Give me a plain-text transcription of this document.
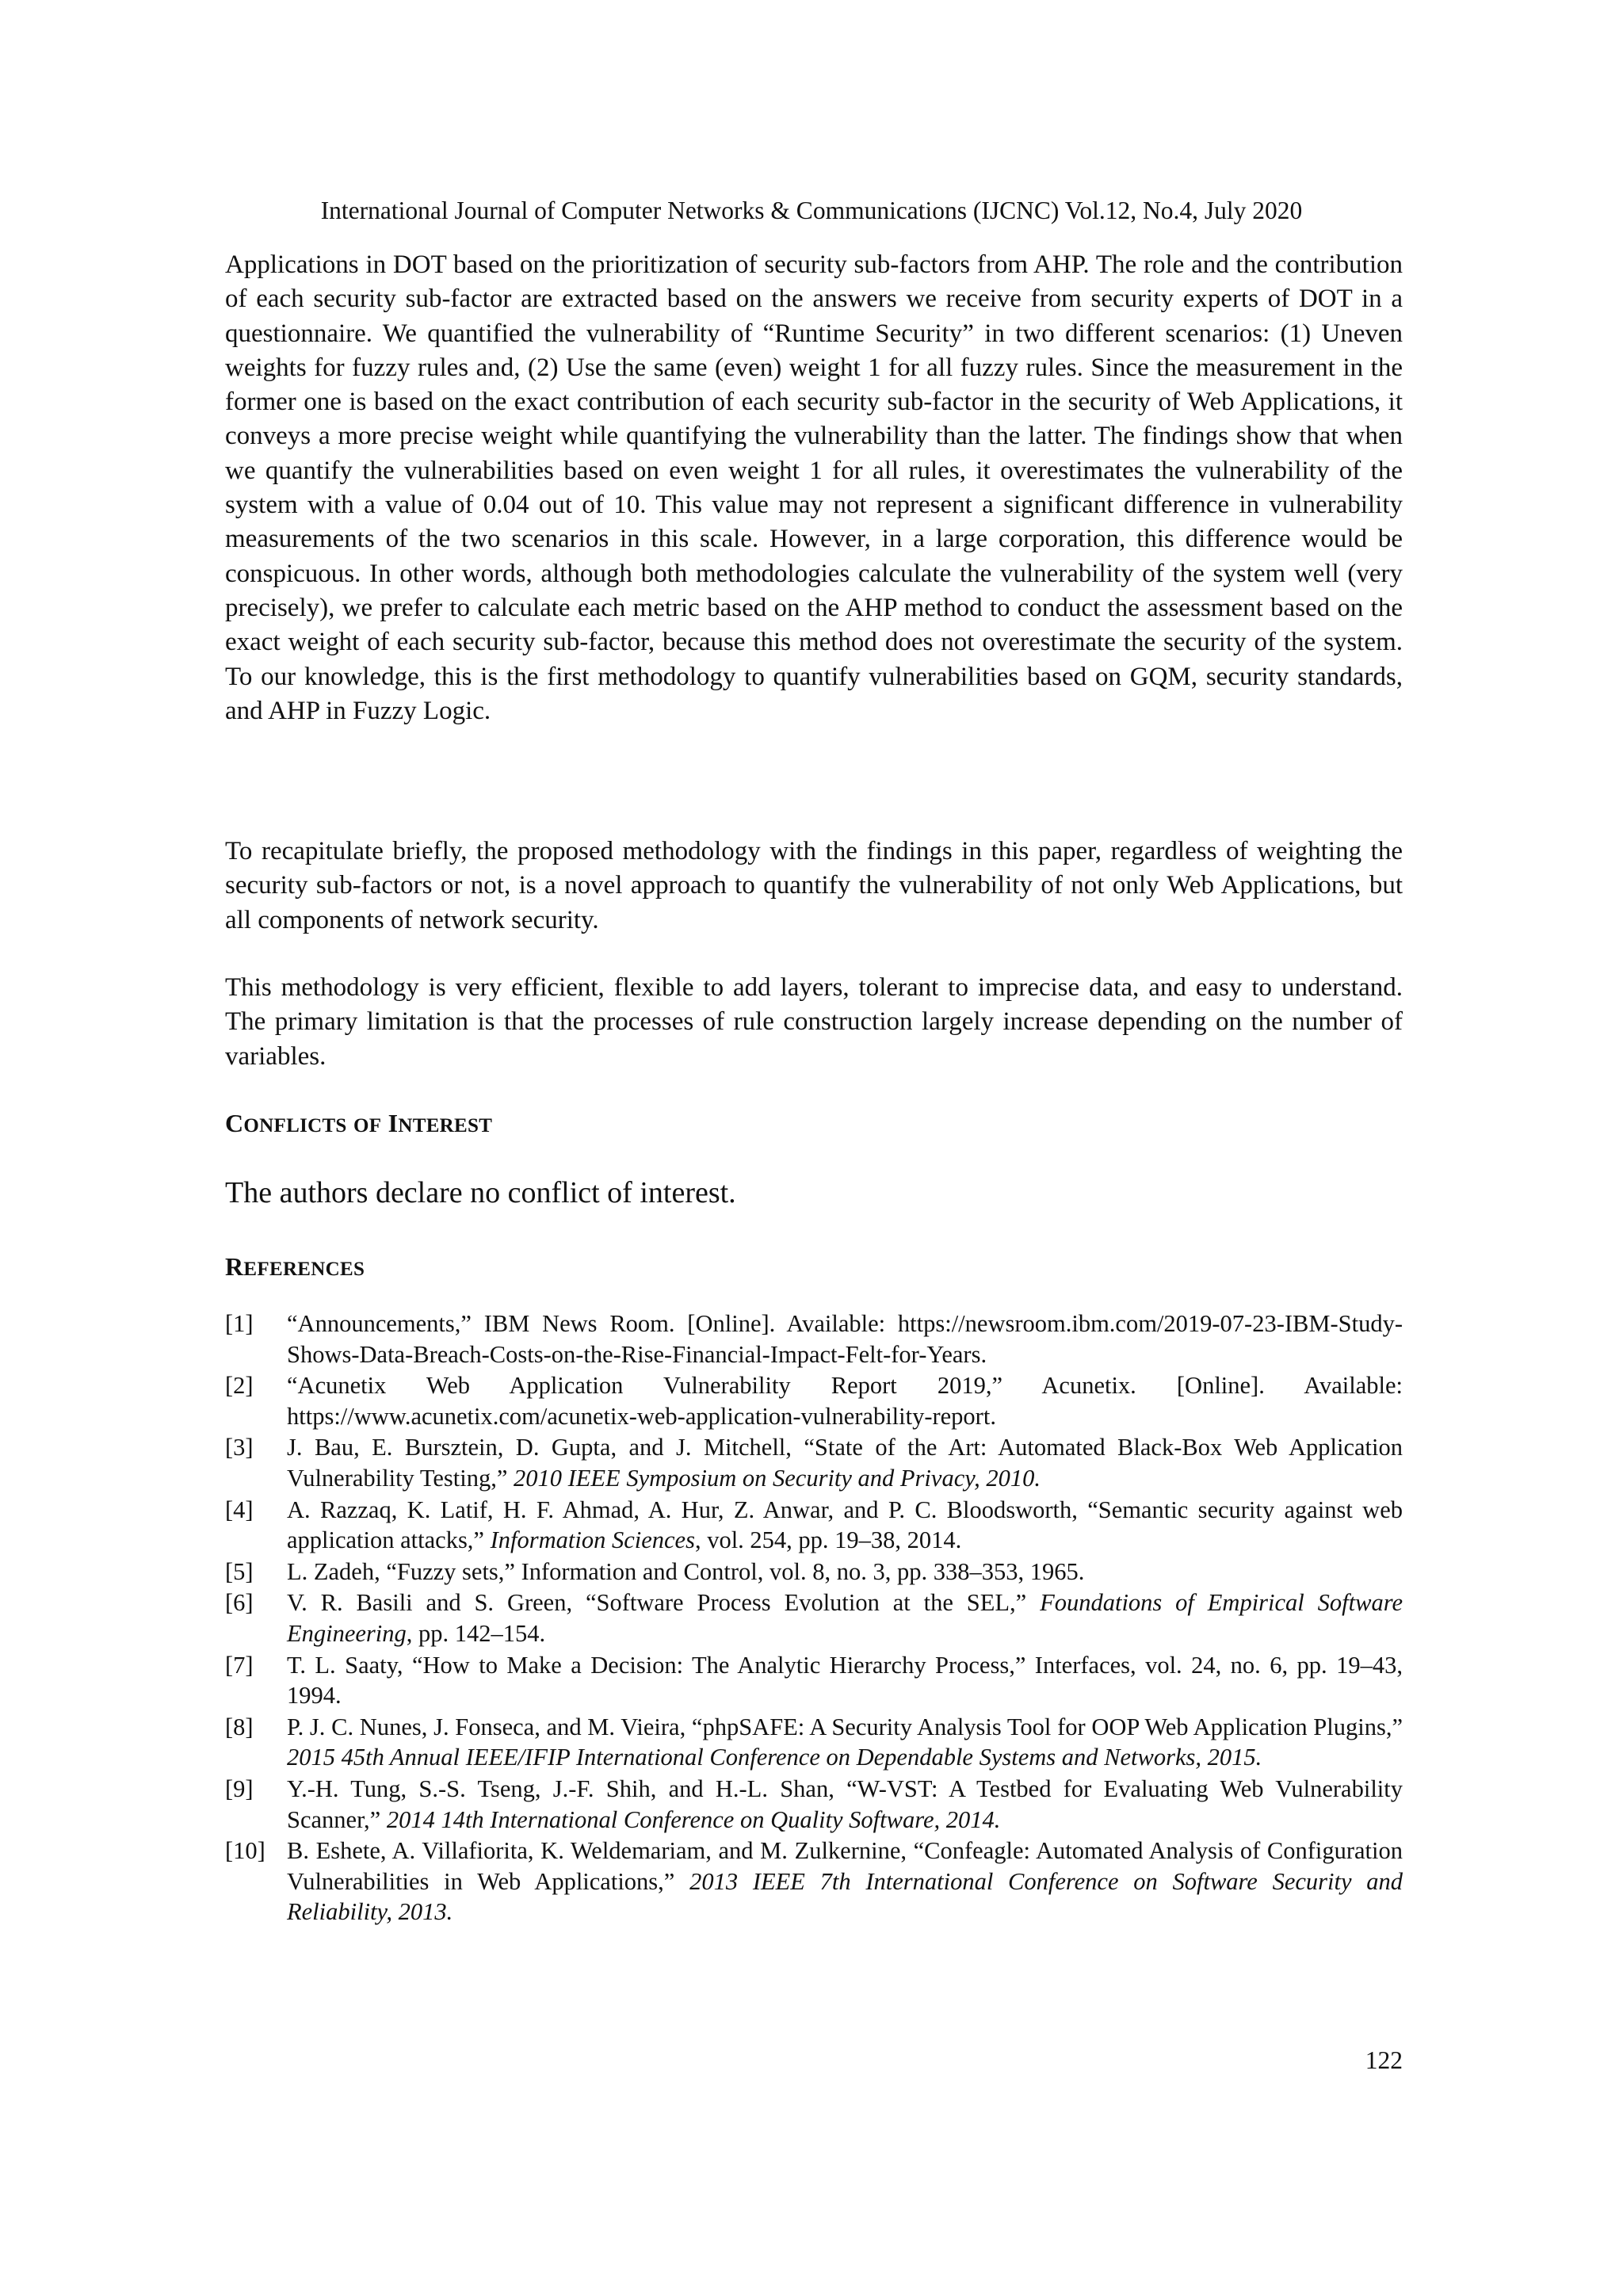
International Journal of Computer Networks & Communications (IJCNC) Vol.12, No.4, July 2020

Applications in DOT based on the prioritization of security sub-factors from AHP. The role and the contribution of each security sub-factor are extracted based on the answers we receive from security experts of DOT in a questionnaire. We quantified the vulnerability of “Runtime Security” in two different scenarios: (1) Uneven weights for fuzzy rules and, (2) Use the same (even) weight 1 for all fuzzy rules. Since the measurement in the former one is based on the exact contribution of each security sub-factor in the security of Web Applications, it conveys a more precise weight while quantifying the vulnerability than the latter. The findings show that when we quantify the vulnerabilities based on even weight 1 for all rules, it overestimates the vulnerability of the system with a value of 0.04 out of 10. This value may not represent a significant difference in vulnerability measurements of the two scenarios in this scale. However, in a large corporation, this difference would be conspicuous. In other words, although both methodologies calculate the vulnerability of the system well (very precisely), we prefer to calculate each metric based on the AHP method to conduct the assessment based on the exact weight of each security sub-factor, because this method does not overestimate the security of the system. To our knowledge, this is the first methodology to quantify vulnerabilities based on GQM, security standards, and AHP in Fuzzy Logic.

To recapitulate briefly, the proposed methodology with the findings in this paper, regardless of weighting the security sub-factors or not, is a novel approach to quantify the vulnerability of not only Web Applications, but all components of network security.

This methodology is very efficient, flexible to add layers, tolerant to imprecise data, and easy to understand. The primary limitation is that the processes of rule construction largely increase depending on the number of variables.

CONFLICTS OF INTEREST

The authors declare no conflict of interest.

REFERENCES
[1]	“Announcements,” IBM News Room. [Online]. Available: https://newsroom.ibm.com/2019-07-23-IBM-Study-Shows-Data-Breach-Costs-on-the-Rise-Financial-Impact-Felt-for-Years.
[2]	“Acunetix Web Application Vulnerability Report 2019,” Acunetix. [Online]. Available: https://www.acunetix.com/acunetix-web-application-vulnerability-report.
[3]	J. Bau, E. Bursztein, D. Gupta, and J. Mitchell, “State of the Art: Automated Black-Box Web Application Vulnerability Testing,” 2010 IEEE Symposium on Security and Privacy, 2010.
[4]	A. Razzaq, K. Latif, H. F. Ahmad, A. Hur, Z. Anwar, and P. C. Bloodsworth, “Semantic security against web application attacks,” Information Sciences, vol. 254, pp. 19–38, 2014.
[5]	L. Zadeh, “Fuzzy sets,” Information and Control, vol. 8, no. 3, pp. 338–353, 1965.
[6]	V. R. Basili and S. Green, “Software Process Evolution at the SEL,” Foundations of Empirical Software Engineering, pp. 142–154.
[7]	T. L. Saaty, “How to Make a Decision: The Analytic Hierarchy Process,” Interfaces, vol. 24, no. 6, pp. 19–43, 1994.
[8]	P. J. C. Nunes, J. Fonseca, and M. Vieira, “phpSAFE: A Security Analysis Tool for OOP Web Application Plugins,” 2015 45th Annual IEEE/IFIP International Conference on Dependable Systems and Networks, 2015.
[9]	Y.-H. Tung, S.-S. Tseng, J.-F. Shih, and H.-L. Shan, “W-VST: A Testbed for Evaluating Web Vulnerability Scanner,” 2014 14th International Conference on Quality Software, 2014.
[10] B. Eshete, A. Villafiorita, K. Weldemariam, and M. Zulkernine, “Confeagle: Automated Analysis of Configuration Vulnerabilities in Web Applications,” 2013 IEEE 7th International Conference on Software Security and Reliability, 2013.
122
